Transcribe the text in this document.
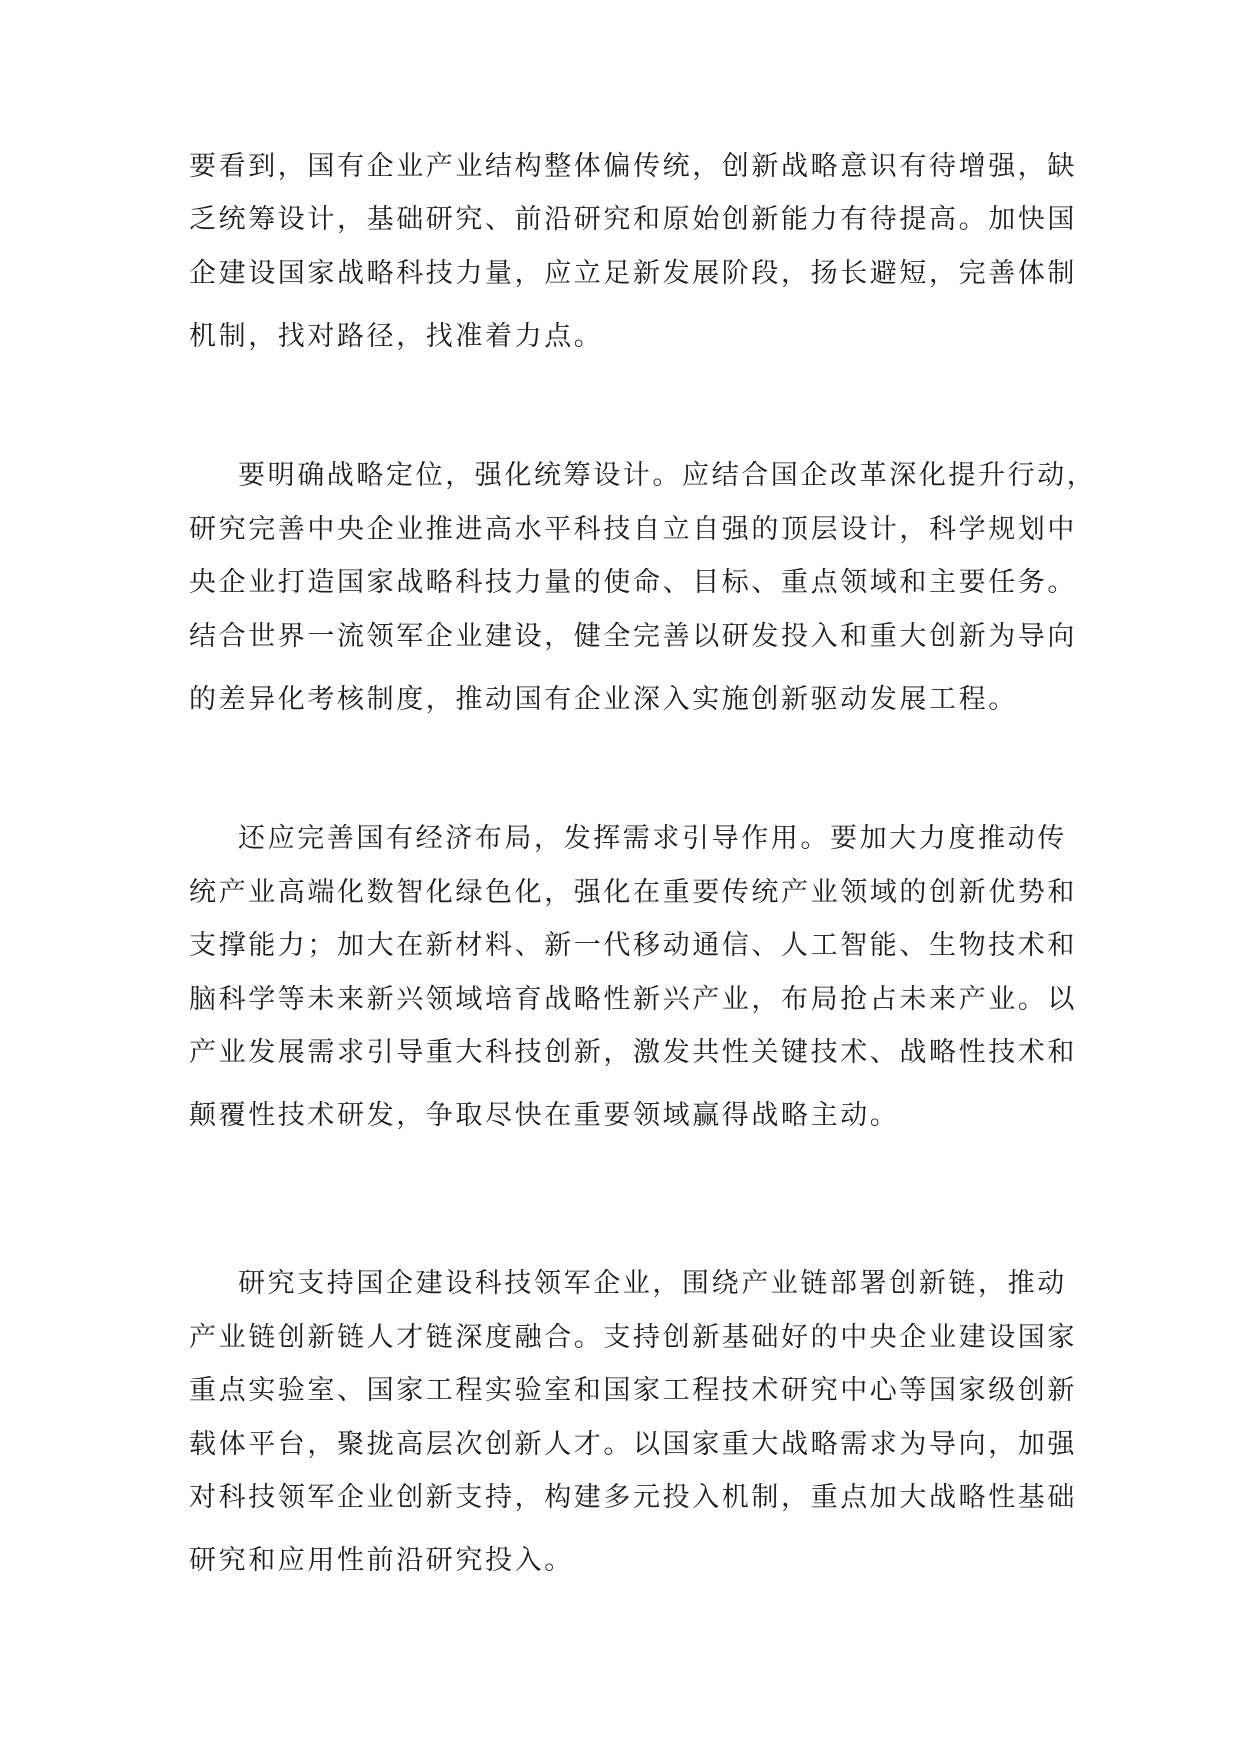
要看到，国有企业产业结构整体偏传统，创新战略意识有待增强，缺

乏统筹设计，基础研究、前沿研究和原始创新能力有待提高。加快国

企建设国家战略科技力量，应立足新发展阶段，扬长避短，完善体制

机制，找对路径，找准着力点。

要明确战略定位，强化统筹设计。应结合国企改革深化提升行动，

研究完善中央企业推进高水平科技自立自强的顶层设计，科学规划中

央企业打造国家战略科技力量的使命、目标、重点领域和主要任务。

结合世界一流领军企业建设，健全完善以研发投入和重大创新为导向

的差异化考核制度，推动国有企业深入实施创新驱动发展工程。

还应完善国有经济布局，发挥需求引导作用。要加大力度推动传

统产业高端化数智化绿色化，强化在重要传统产业领域的创新优势和

支撑能力；加大在新材料、新一代移动通信、人工智能、生物技术和

脑科学等未来新兴领域培育战略性新兴产业，布局抢占未来产业。以

产业发展需求引导重大科技创新，激发共性关键技术、战略性技术和

颠覆性技术研发，争取尽快在重要领域赢得战略主动。

研究支持国企建设科技领军企业，围绕产业链部署创新链，推动

产业链创新链人才链深度融合。支持创新基础好的中央企业建设国家

重点实验室、国家工程实验室和国家工程技术研究中心等国家级创新

载体平台，聚拢高层次创新人才。以国家重大战略需求为导向，加强

对科技领军企业创新支持，构建多元投入机制，重点加大战略性基础

研究和应用性前沿研究投入。
